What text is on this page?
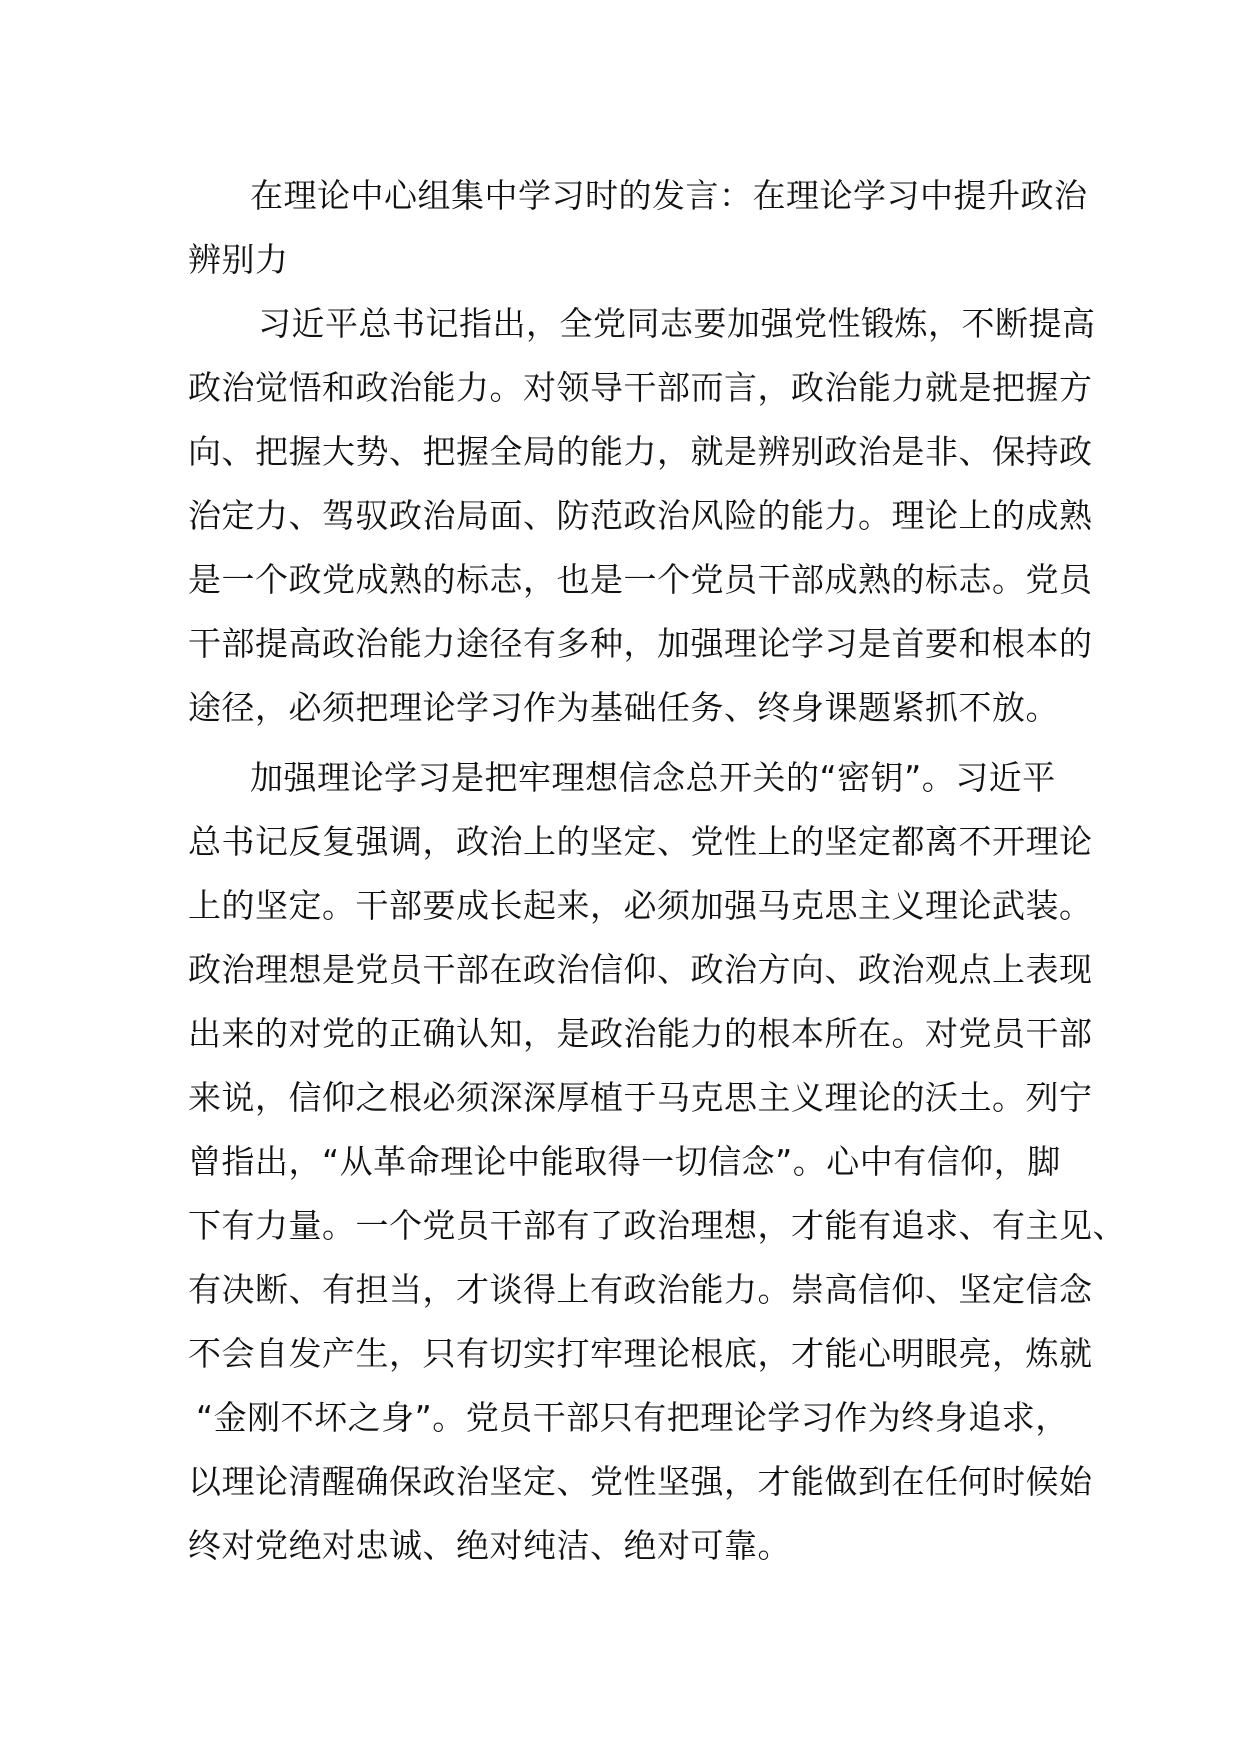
在理论中心组集中学习时的发言：在理论学习中提升政治
辨别力
习近平总书记指出，全党同志要加强党性锻炼，不断提高
政治觉悟和政治能力。对领导干部而言，政治能力就是把握方
向、把握大势、把握全局的能力，就是辨别政治是非、保持政
治定力、驾驭政治局面、防范政治风险的能力。理论上的成熟
是一个政党成熟的标志，也是一个党员干部成熟的标志。党员
干部提高政治能力途径有多种，加强理论学习是首要和根本的
途径，必须把理论学习作为基础任务、终身课题紧抓不放。
加强理论学习是把牢理想信念总开关的“密钥”。习近平
总书记反复强调，政治上的坚定、党性上的坚定都离不开理论
上的坚定。干部要成长起来，必须加强马克思主义理论武装。
政治理想是党员干部在政治信仰、政治方向、政治观点上表现
出来的对党的正确认知，是政治能力的根本所在。对党员干部
来说，信仰之根必须深深厚植于马克思主义理论的沃土。列宁
曾指出，“从革命理论中能取得一切信念”。心中有信仰，脚
下有力量。一个党员干部有了政治理想，才能有追求、有主见、
有决断、有担当，才谈得上有政治能力。崇高信仰、坚定信念
不会自发产生，只有切实打牢理论根底，才能心明眼亮，炼就
“金刚不坏之身”。党员干部只有把理论学习作为终身追求，
以理论清醒确保政治坚定、党性坚强，才能做到在任何时候始
终对党绝对忠诚、绝对纯洁、绝对可靠。
